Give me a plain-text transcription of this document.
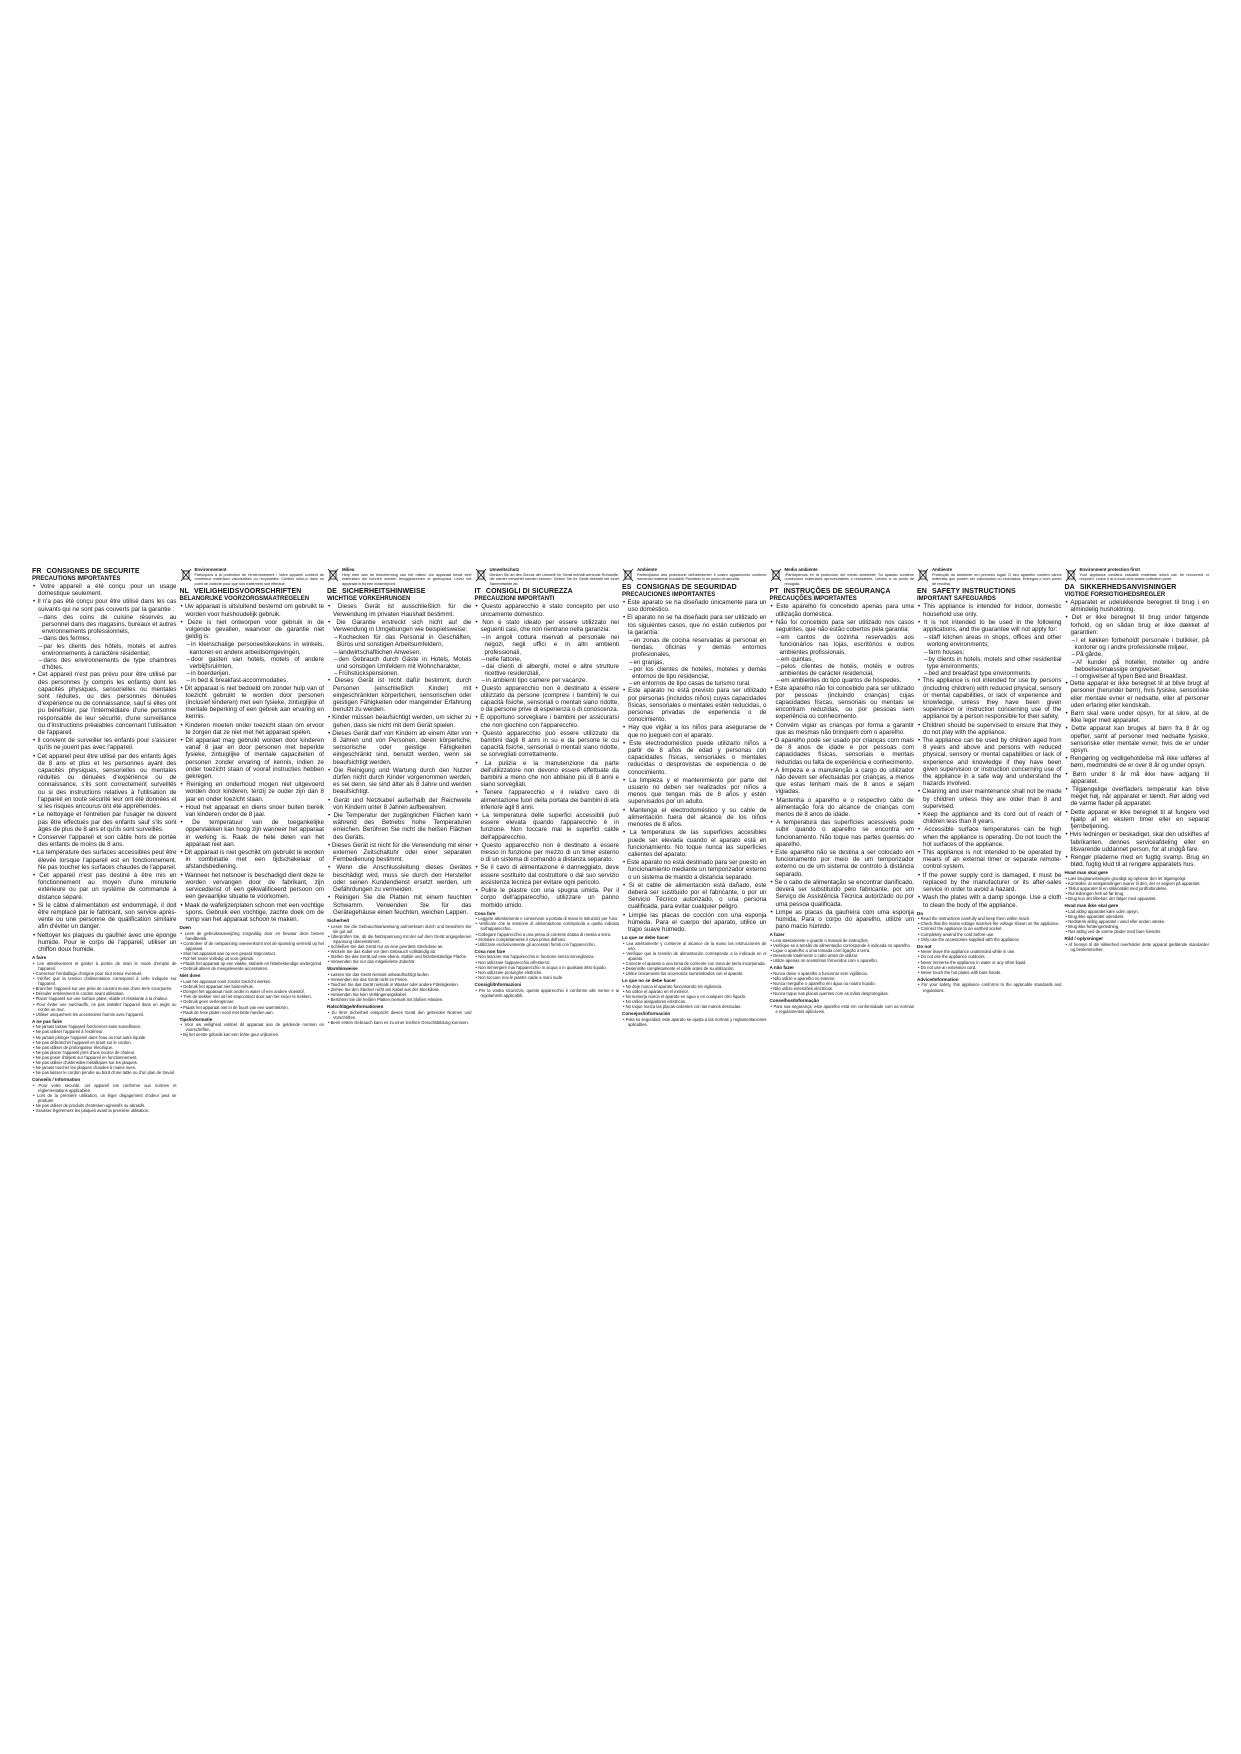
FR CONSIGNES DE SECURITE
PRECAUTIONS IMPORTANTES
• Votre appareil a été conçu pour un usage domestique seulement.
• Il n'a pas été conçu pour être utilisé dans les cas suivants qui ne sont pas couverts par la garantie :
– dans des coins de cuisine réservés au personnel dans des magasins, bureaux et autres environnements professionnels,
– dans des fermes,
– par les clients des hôtels, motels et autres environnements à caractère résidentiel,
– dans des environnements de type chambres d'hôtes.
• Cet appareil n'est pas prévu pour être utilisé par des personnes (y compris les enfants) dont les capacités physiques, sensorielles ou mentales sont réduites, ou des personnes dénuées d'expérience ou de connaissance, sauf si elles ont pu bénéficier, par l'intermédiaire d'une personne responsable de leur sécurité, d'une surveillance ou d'instructions préalables concernant l'utilisation de l'appareil.
• Il convient de surveiller les enfants pour s'assurer qu'ils ne jouent pas avec l'appareil.
• Cet appareil peut être utilisé par des enfants âgés de 8 ans et plus et les personnes ayant des capacités physiques, sensorielles ou mentales réduites ou dénuées d'expérience ou de connaissance, s'ils sont correctement surveillés ou si des instructions relatives à l'utilisation de l'appareil en toute sécurité leur ont été données et si les risques encourus ont été appréhendés.
• Le nettoyage et l'entretien par l'usager ne doivent pas être effectués par des enfants sauf s'ils sont âgés de plus de 8 ans et qu'ils sont surveillés.
• Conserver l'appareil et son câble hors de portée des enfants de moins de 8 ans.
• La température des surfaces accessibles peut être élevée lorsque l'appareil est en fonctionnement. Ne pas toucher les surfaces chaudes de l'appareil.
• Cet appareil n'est pas destiné à être mis en fonctionnement au moyen d'une minuterie extérieure ou par un système de commande à distance séparé.
• Si le câble d'alimentation est endommagé, il doit être remplacé par le fabricant, son service après-vente ou une personne de qualification similaire afin d'éviter un danger.
• Nettoyer les plaques du gaufrier avec une éponge humide. Pour le corps de l'appareil, utiliser un chiffon doux humide.
A faire
• Lire attentivement et garder à portée de main le mode d'emploi de l'appareil.
• Conserver l'emballage d'origine pour tout retour éventuel.
• Vérifier que la tension d'alimentation correspond à celle indiquée sur l'appareil.
• Brancher l'appareil sur une prise de courant munie d'une terre incorporée.
• Dérouler entièrement le cordon avant utilisation.
• Placer l'appareil sur une surface plane, stable et résistante à la chaleur.
• Pour éviter une surchauffe, ne pas installer l'appareil dans un angle ou contre un mur.
• Utiliser uniquement les accessoires fournis avec l'appareil.
A ne pas faire
• Ne jamais laisser l'appareil fonctionner sans surveillance.
• Ne pas utiliser l'appareil à l'extérieur.
• Ne jamais plonger l'appareil dans l'eau ou tout autre liquide.
• Ne pas débrancher l'appareil en tirant sur le cordon.
• Ne pas utiliser de prolongateur électrique.
• Ne pas placer l'appareil près d'une source de chaleur.
• Ne pas poser d'objets sur l'appareil en fonctionnement.
• Ne pas utiliser d'ustensiles métalliques sur les plaques.
• Ne jamais toucher les plaques chaudes à mains nues.
• Ne pas laisser le cordon pendre au bord d'une table ou d'un plan de travail.
Conseils / Information
• Pour votre sécurité, cet appareil est conforme aux normes et réglementations applicables.
• Lors de la première utilisation, un léger dégagement d'odeur peut se produire.
• Ne pas utiliser de produits d'entretien agressifs ou abrasifs.
• Graisser légèrement les plaques avant la première utilisation.
Environnement
Participons à la protection de l'environnement ! Votre appareil contient de nombreux matériaux valorisables ou recyclables. Confiez celui-ci dans un point de collecte pour que son traitement soit effectué.
NL VEILIGHEIDSVOORSCHRIFTEN
BELANGRIJKE VOORZORGSMAATREGELEN
• Uw apparaat is uitsluitend bestemd om gebruikt te worden voor huishoudelijk gebruik.
• Deze is niet ontworpen voor gebruik in de volgende gevallen, waarvoor de garantie niet geldig is:
– in kleinschalige personeelskeukens in winkels, kantoren en andere arbeidsomgevingen,
– door gasten van hotels, motels of andere verblijfsruimten,
– in boerderijen,
– in bed & breakfast-accommodaties.
• Dit apparaat is niet bedoeld om zonder hulp van of toezicht gebruikt te worden door personen (inclusief kinderen) met een fysieke, zintuiglijke of mentale beperking of een gebrek aan ervaring en kennis.
• Kinderen moeten onder toezicht staan om ervoor te zorgen dat ze niet met het apparaat spelen.
• Dit apparaat mag gebruikt worden door kinderen vanaf 8 jaar en door personen met beperkte fysieke, zintuiglijke of mentale capaciteiten of personen zonder ervaring of kennis, indien ze onder toezicht staan of vooraf instructies hebben gekregen.
• Reiniging en onderhoud mogen niet uitgevoerd worden door kinderen, tenzij ze ouder zijn dan 8 jaar en onder toezicht staan.
• Houd het apparaat en diens snoer buiten bereik van kinderen onder de 8 jaar.
• De temperatuur van de toegankelijke oppervlakken kan hoog zijn wanneer het apparaat in werking is. Raak de hete delen van het apparaat niet aan.
• Dit apparaat is niet geschikt om gebruikt te worden in combinatie met een tijdschakelaar of afstandsbediening.
• Wanneer het netsnoer is beschadigd dient deze te worden vervangen door de fabrikant, zijn servicedienst of een gekwalificeerd persoon om een gevaarlijke situatie te voorkomen.
• Maak de wafelijzerplaten schoon met een vochtige spons. Gebruik een vochtige, zachte doek om de romp van het apparaat schoon te maken.
Doen
• Lees de gebruiksaanwijzing zorgvuldig door en bewaar deze binnen handbereik.
• Controleer of de netspanning overeenkomt met de spanning vermeld op het apparaat.
• Sluit het apparaat aan op een geaard stopcontact.
• Rol het snoer volledig uit voor gebruik.
• Plaats het apparaat op een vlakke, stabiele en hittebestendige ondergrond.
• Gebruik alleen de meegeleverde accessoires.
Niet doen
• Laat het apparaat nooit zonder toezicht werken.
• Gebruik het apparaat niet buitenshuis.
• Dompel het apparaat nooit onder in water of een andere vloeistof.
• Trek de stekker niet uit het stopcontact door aan het snoer te trekken.
• Gebruik geen verlengsnoer.
• Plaats het apparaat niet in de buurt van een warmtebron.
• Raak de hete platen nooit met blote handen aan.
Tips/informatie
• Voor uw veiligheid voldoet dit apparaat aan de geldende normen en voorschriften.
• Bij het eerste gebruik kan een lichte geur vrijkomen.
Milieu
Help mee aan de bescherming van het milieu! Uw apparaat bevat veel materialen die kunnen worden teruggewonnen of gerecycled. Lever het apparaat in bij een inzamelpunt.
DE SICHERHEITSHINWEISE
WICHTIGE VORKEHRUNGEN
• Dieses Gerät ist ausschließlich für die Verwendung im privaten Haushalt bestimmt.
• Die Garantie erstreckt sich nicht auf die Verwendung in Umgebungen wie beispielsweise:
– Kochecken für das Personal in Geschäften, Büros und sonstigen Arbeitsumfeldern,
– landwirtschaftlichen Anwesen,
– den Gebrauch durch Gäste in Hotels, Motels und sonstigen Umfeldern mit Wohncharakter,
– Frühstückspensionen.
• Dieses Gerät ist nicht dafür bestimmt, durch Personen (einschließlich Kinder) mit eingeschränkten körperlichen, sensorischen oder geistigen Fähigkeiten oder mangelnder Erfahrung benutzt zu werden.
• Kinder müssen beaufsichtigt werden, um sicher zu gehen, dass sie nicht mit dem Gerät spielen.
• Dieses Gerät darf von Kindern ab einem Alter von 8 Jahren und von Personen, deren körperliche, sensorische oder geistige Fähigkeiten eingeschränkt sind, benutzt werden, wenn sie beaufsichtigt werden.
• Die Reinigung und Wartung durch den Nutzer dürfen nicht durch Kinder vorgenommen werden, es sei denn, sie sind älter als 8 Jahre und werden beaufsichtigt.
• Gerät und Netzkabel außerhalb der Reichweite von Kindern unter 8 Jahren aufbewahren.
• Die Temperatur der zugänglichen Flächen kann während des Betriebs hohe Temperaturen erreichen. Berühren Sie nicht die heißen Flächen des Geräts.
• Dieses Gerät ist nicht für die Verwendung mit einer externen Zeitschaltuhr oder einer separaten Fernbedienung bestimmt.
• Wenn die Anschlussleitung dieses Gerätes beschädigt wird, muss sie durch den Hersteller oder seinen Kundendienst ersetzt werden, um Gefährdungen zu vermeiden.
• Reinigen Sie die Platten mit einem feuchten Schwamm. Verwenden Sie für das Gerätegehäuse einen feuchten, weichen Lappen.
Sicherheit
• Lesen Sie die Gebrauchsanweisung aufmerksam durch und bewahren Sie sie gut auf.
• Überprüfen Sie, ob die Netzspannung mit der auf dem Gerät angegebenen Spannung übereinstimmt.
• Schließen Sie das Gerät nur an eine geerdete Steckdose an.
• Wickeln Sie das Kabel vor dem Gebrauch vollständig ab.
• Stellen Sie das Gerät auf eine ebene, stabile und hitzebeständige Fläche.
• Verwenden Sie nur das mitgelieferte Zubehör.
Warnhinweise
• Lassen Sie das Gerät niemals unbeaufsichtigt laufen.
• Verwenden Sie das Gerät nicht im Freien.
• Tauchen Sie das Gerät niemals in Wasser oder andere Flüssigkeiten.
• Ziehen Sie den Stecker nicht am Kabel aus der Steckdose.
• Verwenden Sie kein Verlängerungskabel.
• Berühren Sie die heißen Platten niemals mit bloßen Händen.
Ratschläge/Informationen
• Zu Ihrer Sicherheit entspricht dieses Gerät den geltenden Normen und Vorschriften.
• Beim ersten Gebrauch kann es zu einer leichten Geruchsbildung kommen.
Umweltschutz
Denken Sie an den Schutz der Umwelt! Ihr Gerät enthält wertvolle Rohstoffe, die wieder verwertet werden können. Geben Sie Ihr Gerät deshalb bei einer Sammelstelle ab.
IT CONSIGLI DI SICUREZZA
PRECAUZIONI IMPORTANTI
• Questo apparecchio è stato concepito per uso unicamente domestico.
• Non è stato ideato per essere utilizzato nei seguenti casi, che non rientrano nella garanzia:
– in angoli cottura riservati al personale nei negozi, negli uffici e in altri ambienti professionali,
– nelle fattorie,
– dai clienti di alberghi, motel e altre strutture ricettive residenziali,
– in ambienti tipo camere per vacanze.
• Questo apparecchio non è destinato a essere utilizzato da persone (compresi i bambini) le cui capacità fisiche, sensoriali o mentali siano ridotte, o da persone prive di esperienza o di conoscenza.
• È opportuno sorvegliare i bambini per assicurarsi che non giochino con l'apparecchio.
• Questo apparecchio può essere utilizzato da bambini dagli 8 anni in su e da persone le cui capacità fisiche, sensoriali o mentali siano ridotte, se sorvegliati correttamente.
• La pulizia e la manutenzione da parte dell'utilizzatore non devono essere effettuate da bambini a meno che non abbiano più di 8 anni e siano sorvegliati.
• Tenere l'apparecchio e il relativo cavo di alimentazione fuori della portata dei bambini di età inferiore agli 8 anni.
• La temperatura delle superfici accessibili può essere elevata quando l'apparecchio è in funzione. Non toccare mai le superfici calde dell'apparecchio.
• Questo apparecchio non è destinato a essere messo in funzione per mezzo di un timer esterno o di un sistema di comando a distanza separato.
• Se il cavo di alimentazione è danneggiato, deve essere sostituito dal costruttore o dal suo servizio assistenza tecnica per evitare ogni pericolo.
• Pulire le piastre con una spugna umida. Per il corpo dell'apparecchio, utilizzare un panno morbido umido.
Cosa fare
• Leggere attentamente e conservare a portata di mano le istruzioni per l'uso.
• Verificare che la tensione di alimentazione corrisponda a quella indicata sull'apparecchio.
• Collegare l'apparecchio a una presa di corrente dotata di messa a terra.
• Srotolare completamente il cavo prima dell'uso.
• Utilizzare esclusivamente gli accessori forniti con l'apparecchio.
Cosa non fare
• Non lasciare mai l'apparecchio in funzione senza sorveglianza.
• Non utilizzare l'apparecchio all'esterno.
• Non immergere mai l'apparecchio in acqua o in qualsiasi altro liquido.
• Non utilizzare prolunghe elettriche.
• Non toccare mai le piastre calde a mani nude.
Consigli/Informazioni
• Per la vostra sicurezza, questo apparecchio è conforme alle norme e ai regolamenti applicabili.
Ambiente
Partecipiamo alla protezione dell'ambiente! Il vostro apparecchio contiene numerosi materiali riciclabili. Portatelo in un punto di raccolta.
ES CONSIGNAS DE SEGURIDAD
PRECAUCIONES IMPORTANTES
• Este aparato se ha diseñado únicamente para un uso doméstico.
• El aparato no se ha diseñado para ser utilizado en los siguientes casos, que no están cubiertos por la garantía:
– en zonas de cocina reservadas al personal en tiendas, oficinas y demás entornos profesionales,
– en granjas,
– por los clientes de hoteles, moteles y demás entornos de tipo residencial,
– en entornos de tipo casas de turismo rural.
• Este aparato no está previsto para ser utilizado por personas (incluidos niños) cuyas capacidades físicas, sensoriales o mentales estén reducidas, o personas privadas de experiencia o de conocimiento.
• Hay que vigilar a los niños para asegurarse de que no jueguen con el aparato.
• Este electrodoméstico puede utilizarlo niños a partir de 8 años de edad y personas con capacidades físicas, sensoriales o mentales reducidas o desprovistas de experiencia o de conocimiento.
• La limpieza y el mantenimiento por parte del usuario no deben ser realizados por niños a menos que tengan más de 8 años y estén supervisados por un adulto.
• Mantenga el electrodoméstico y su cable de alimentación fuera del alcance de los niños menores de 8 años.
• La temperatura de las superficies accesibles puede ser elevada cuando el aparato está en funcionamiento. No toque nunca las superficies calientes del aparato.
• Este aparato no está destinado para ser puesto en funcionamiento mediante un temporizador externo o un sistema de mando a distancia separado.
• Si el cable de alimentación está dañado, éste deberá ser sustituido por el fabricante, o por un Servicio Técnico autorizado, o una persona cualificada, para evitar cualquier peligro.
• Limpie las placas de cocción con una esponja húmeda. Para el cuerpo del aparato, utilice un trapo suave húmedo.
Lo que se debe hacer
• Lea atentamente y conserve al alcance de la mano las instrucciones de uso.
• Verifique que la tensión de alimentación corresponde a la indicada en el aparato.
• Conecte el aparato a una toma de corriente con toma de tierra incorporada.
• Desenrolle completamente el cable antes de su utilización.
• Utilice únicamente los accesorios suministrados con el aparato.
Lo que no se debe hacer
• No deje nunca el aparato funcionando sin vigilancia.
• No utilice el aparato en el exterior.
• No sumerja nunca el aparato en agua o en cualquier otro líquido.
• No utilice alargadores eléctricos.
• No toque nunca las placas calientes con las manos desnudas.
Consejos/información
• Para su seguridad, este aparato se ajusta a las normas y reglamentaciones aplicables.
Medio ambiente
¡Participemos en la protección del medio ambiente! Su aparato contiene numerosos materiales aprovechables o reciclables. Llévelo a un punto de recogida.
PT INSTRUÇÕES DE SEGURANÇA
PRECAUÇÕES IMPORTANTES
• Este aparelho foi concebido apenas para uma utilização doméstica.
• Não foi concebido para ser utilizado nos casos seguintes, que não estão cobertos pela garantia:
– em cantos de cozinha reservados aos funcionários nas lojas, escritórios e outros ambientes profissionais,
– em quintas,
– pelos clientes de hotéis, motéis e outros ambientes de carácter residencial,
– em ambientes do tipo quartos de hóspedes.
• Este aparelho não foi concebido para ser utilizado por pessoas (incluindo crianças) cujas capacidades físicas, sensoriais ou mentais se encontram reduzidas, ou por pessoas sem experiência ou conhecimento.
• Convém vigiar as crianças por forma a garantir que as mesmas não brinquem com o aparelho.
• O aparelho pode ser usado por crianças com mais de 8 anos de idade e por pessoas com capacidades físicas, sensoriais e mentais reduzidas ou falta de experiência e conhecimento.
• A limpeza e a manutenção a cargo do utilizador não devem ser efectuadas por crianças, a menos que estas tenham mais de 8 anos e sejam vigiadas.
• Mantenha o aparelho e o respectivo cabo de alimentação fora do alcance de crianças com menos de 8 anos de idade.
• A temperatura das superfícies acessíveis pode subir quando o aparelho se encontra em funcionamento. Não toque nas partes quentes do aparelho.
• Este aparelho não se destina a ser colocado em funcionamento por meio de um temporizador externo ou de um sistema de controlo à distância separado.
• Se o cabo de alimentação se encontrar danificado, deverá ser substituído pelo fabricante, por um Serviço de Assistência Técnica autorizado ou por uma pessoa qualificada.
• Limpe as placas da gaufreira com uma esponja húmida. Para o corpo do aparelho, utilize um pano macio húmido.
A fazer
• Leia atentamente e guarde o manual de instruções.
• Verifique se a tensão de alimentação corresponde à indicada no aparelho.
• Ligue o aparelho a uma tomada com ligação à terra.
• Desenrole totalmente o cabo antes de utilizar.
• Utilize apenas os acessórios fornecidos com o aparelho.
A não fazer
• Nunca deixe o aparelho a funcionar sem vigilância.
• Não utilize o aparelho no exterior.
• Nunca mergulhe o aparelho em água ou noutro líquido.
• Não utilize extensões eléctricas.
• Nunca toque nas placas quentes com as mãos desprotegidas.
Conselhos/Informação
• Para sua segurança, este aparelho está em conformidade com as normas e regulamentos aplicáveis.
Ambiente
Protecção do ambiente em primeiro lugar! O seu aparelho contém vários materiais que podem ser valorizados ou reciclados. Entregue-o num ponto de recolha.
EN SAFETY INSTRUCTIONS
IMPORTANT SAFEGUARDS
• This appliance is intended for indoor, domestic household use only.
• It is not intended to be used in the following applications, and the guarantee will not apply for:
– staff kitchen areas in shops, offices and other working environments;
– farm houses;
– by clients in hotels, motels and other residential type environments;
– bed and breakfast type environments.
• This appliance is not intended for use by persons (including children) with reduced physical, sensory or mental capabilities, or lack of experience and knowledge, unless they have been given supervision or instruction concerning use of the appliance by a person responsible for their safety.
• Children should be supervised to ensure that they do not play with the appliance.
• The appliance can be used by children aged from 8 years and above and persons with reduced physical, sensory or mental capabilities or lack of experience and knowledge if they have been given supervision or instruction concerning use of the appliance in a safe way and understand the hazards involved.
• Cleaning and user maintenance shall not be made by children unless they are older than 8 and supervised.
• Keep the appliance and its cord out of reach of children less than 8 years.
• Accessible surface temperatures can be high when the appliance is operating. Do not touch the hot surfaces of the appliance.
• This appliance is not intended to be operated by means of an external timer or separate remote-control system.
• If the power supply cord is damaged, it must be replaced by the manufacturer or its after-sales service in order to avoid a hazard.
• Wash the plates with a damp sponge. Use a cloth to clean the body of the appliance.
Do
• Read the instructions carefully and keep them within reach.
• Check that the mains voltage matches the voltage shown on the appliance.
• Connect the appliance to an earthed socket.
• Completely unwind the cord before use.
• Only use the accessories supplied with the appliance.
Do not
• Never leave the appliance unattended while in use.
• Do not use the appliance outdoors.
• Never immerse the appliance in water or any other liquid.
• Do not use an extension cord.
• Never touch the hot plates with bare hands.
Advice/Information
• For your safety, this appliance conforms to the applicable standards and regulations.
Environment protection first!
Your appliance contains valuable materials which can be recovered or recycled. Leave it at a local civic waste collection point.
DA SIKKERHEDSANVISNINGER
VIGTIGE FORSIGTIGHEDSREGLER
• Apparatet er udelukkende beregnet til brug i en almindelig husholdning.
• Det er ikke beregnet til brug under følgende forhold, og en sådan brug er ikke dækket af garantien:
– I et køkken forbeholdt personale i butikker, på kontorer og i andre professionelle miljøer,
– På gårde,
– Af kunder på hoteller, moteller og andre beboelsesmæssige omgivelser,
– I omgivelser af typen Bed and Breakfast.
• Dette apparat er ikke beregnet til at blive brugt af personer (herunder børn), hvis fysiske, sensoriske eller mentale evner er nedsatte, eller af personer uden erfaring eller kendskab.
• Børn skal være under opsyn, for at sikre, at de ikke leger med apparatet.
• Dette apparat kan bruges af børn fra 8 år og opefter, samt af personer med nedsatte fysiske, sensoriske eller mentale evner, hvis de er under opsyn.
• Rengøring og vedligeholdelse må ikke udføres af børn, medmindre de er over 8 år og under opsyn.
• Børn under 8 år må ikke have adgang til apparatet.
• Tilgængelige overfladers temperatur kan blive meget høj, når apparatet er tændt. Rør aldrig ved de varme flader på apparatet.
• Dette apparat er ikke beregnet til at fungere ved hjælp af en ekstern timer eller en separat fjernbetjening.
• Hvis ledningen er beskadiget, skal den udskiftes af fabrikanten, dennes serviceafdeling eller en tilsvarende uddannet person, for at undgå fare.
• Rengør pladerne med en fugtig svamp. Brug en blød, fugtig klud til at rengøre apparatets hus.
Hvad man skal gøre
• Læs brugsanvisningen grundigt og opbevar den let tilgængeligt.
• Kontroller, at netspændingen svarer til den, der er angivet på apparatet.
• Tilslut apparatet til en stikkontakt med jordforbindelse.
• Rul ledningen helt ud før brug.
• Brug kun det tilbehør, der følger med apparatet.
Hvad man ikke skal gøre
• Lad aldrig apparatet køre uden opsyn.
• Brug ikke apparatet udendørs.
• Nedsænk aldrig apparatet i vand eller anden væske.
• Brug ikke forlængerledning.
• Rør aldrig ved de varme plader med bare hænder.
Råd / oplysninger
• Af hensyn til din sikkerhed overholder dette apparat gældende standarder og bestemmelser.
